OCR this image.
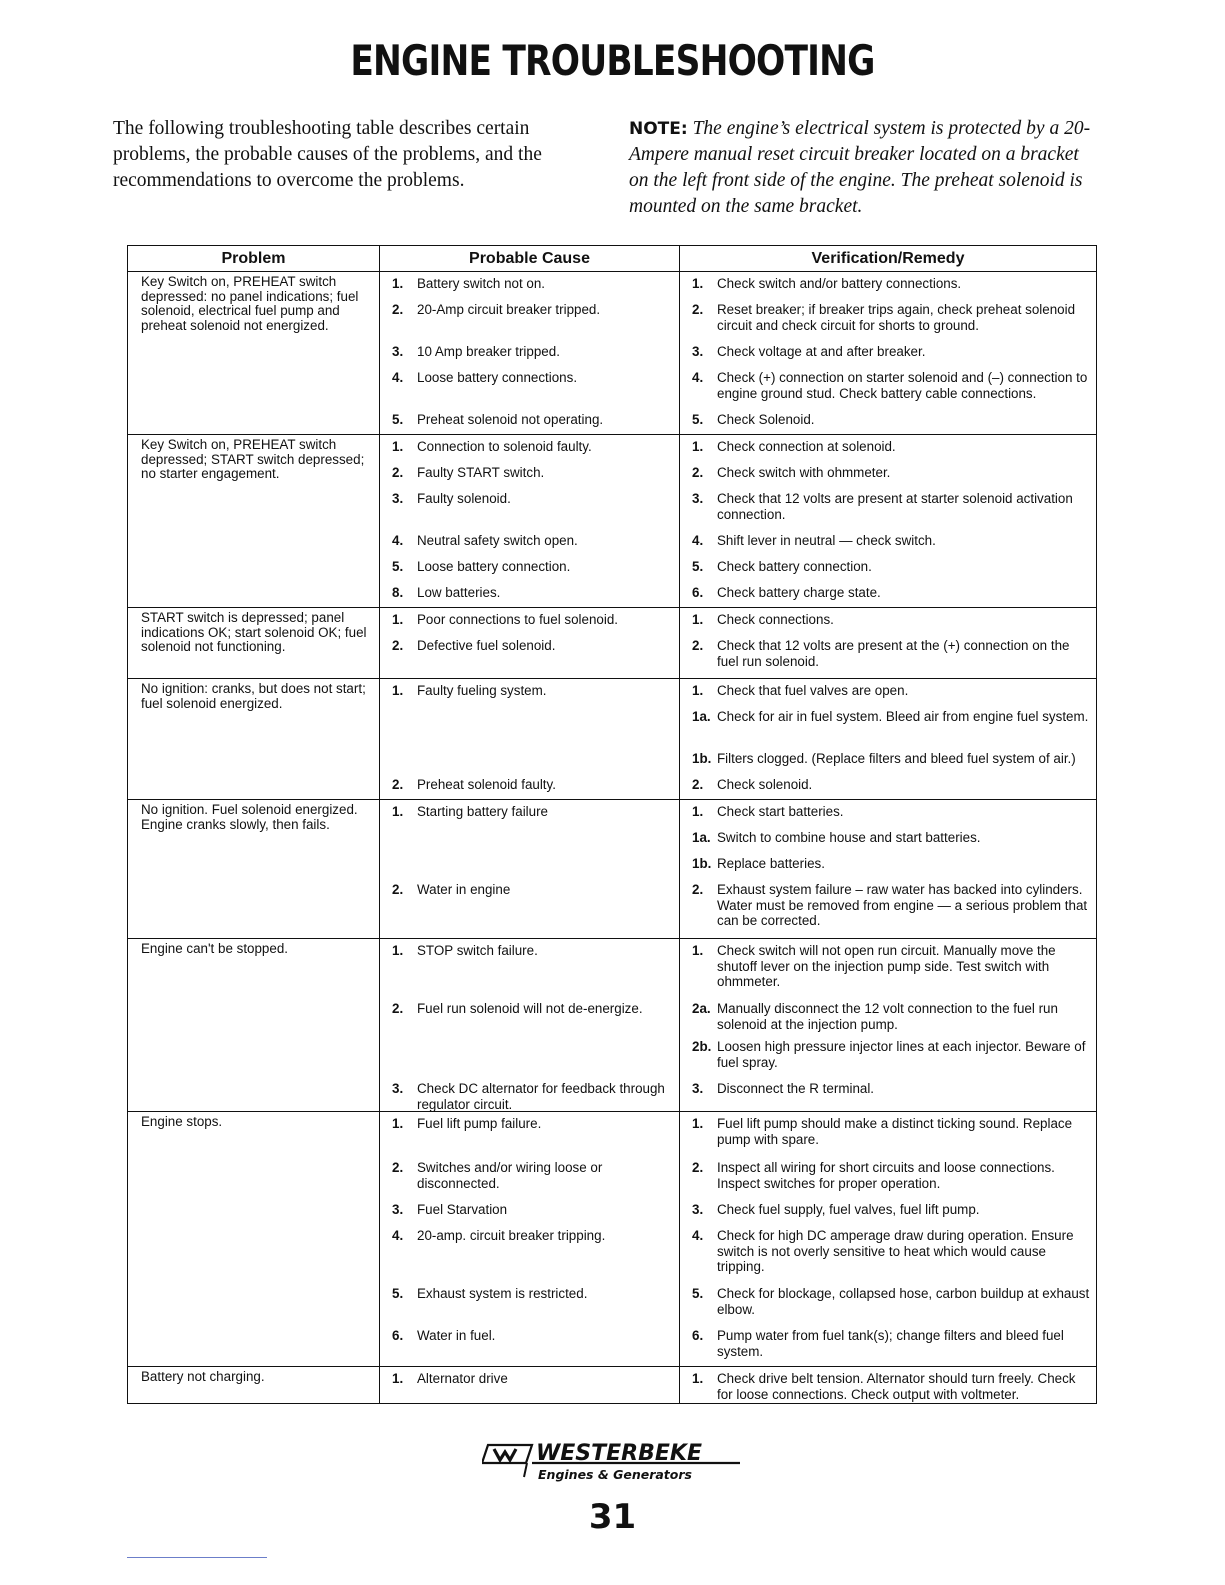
ENGINE TROUBLESHOOTING
The following troubleshooting table describes certain problems, the probable causes of the problems, and the recommendations to overcome the problems.
NOTE: The engine’s electrical system is protected by a 20-Ampere manual reset circuit breaker located on a bracket on the left front side of the engine. The preheat solenoid is mounted on the same bracket.
Problem	Probable Cause	Verification/Remedy

Key Switch on, PREHEAT switch depressed: no panel indications; fuel solenoid, electrical fuel pump and preheat solenoid not energized.	1. Battery switch not on.	1. Check switch and/or battery connections.

	2. 20-Amp circuit breaker tripped.	2. Reset breaker; if breaker trips again, check preheat solenoid circuit and check circuit for shorts to ground.

	3. 10 Amp breaker tripped.	3. Check voltage at and after breaker.

	4. Loose battery connections.	4. Check (+) connection on starter solenoid and (–) connection to engine ground stud. Check battery cable connections.

	5. Preheat solenoid not operating.	5. Check Solenoid.

Key Switch on, PREHEAT switch depressed; START switch depressed; no starter engagement.	1. Connection to solenoid faulty.	1. Check connection at solenoid.

	2. Faulty START switch.	2. Check switch with ohmmeter.

	3. Faulty solenoid.	3. Check that 12 volts are present at starter solenoid activation connection.

	4. Neutral safety switch open.	4. Shift lever in neutral — check switch.

	5. Loose battery connection.	5. Check battery connection.

	8. Low batteries.	6. Check battery charge state.

START switch is depressed; panel indications OK; start solenoid OK; fuel solenoid not functioning.	1. Poor connections to fuel solenoid.	1. Check connections.

	2. Defective fuel solenoid.	2. Check that 12 volts are present at the (+) connection on the fuel run solenoid.

No ignition: cranks, but does not start; fuel solenoid energized.	1. Faulty fueling system.	1. Check that fuel valves are open.

		1a. Check for air in fuel system. Bleed air from engine fuel system.

		1b. Filters clogged. (Replace filters and bleed fuel system of air.)

	2. Preheat solenoid faulty.	2. Check solenoid.

No ignition. Fuel solenoid energized. Engine cranks slowly, then fails.	1. Starting battery failure	1. Check start batteries.

		1a. Switch to combine house and start batteries.

		1b. Replace batteries.

	2. Water in engine	2. Exhaust system failure – raw water has backed into cylinders. Water must be removed from engine — a serious problem that can be corrected.

Engine can't be stopped.	1. STOP switch failure.	1. Check switch will not open run circuit. Manually move the shutoff lever on the injection pump side. Test switch with ohmmeter.

	2. Fuel run solenoid will not de-energize.	2a. Manually disconnect the 12 volt connection to the fuel run solenoid at the injection pump.

		2b. Loosen high pressure injector lines at each injector. Beware of fuel spray.

	3. Check DC alternator for feedback through regulator circuit.	3. Disconnect the R terminal.

Engine stops.	1. Fuel lift pump failure.	1. Fuel lift pump should make a distinct ticking sound. Replace pump with spare.

	2. Switches and/or wiring loose or disconnected.	2. Inspect all wiring for short circuits and loose connections. Inspect switches for proper operation.

	3. Fuel Starvation	3. Check fuel supply, fuel valves, fuel lift pump.

	4. 20-amp. circuit breaker tripping.	4. Check for high DC amperage draw during operation. Ensure switch is not overly sensitive to heat which would cause tripping.

	5. Exhaust system is restricted.	5. Check for blockage, collapsed hose, carbon buildup at exhaust elbow.

	6. Water in fuel.	6. Pump water from fuel tank(s); change filters and bleed fuel system.

Battery not charging.	1. Alternator drive	1. Check drive belt tension. Alternator should turn freely. Check for loose connections. Check output with voltmeter.
WESTERBEKE
Engines & Generators
31
